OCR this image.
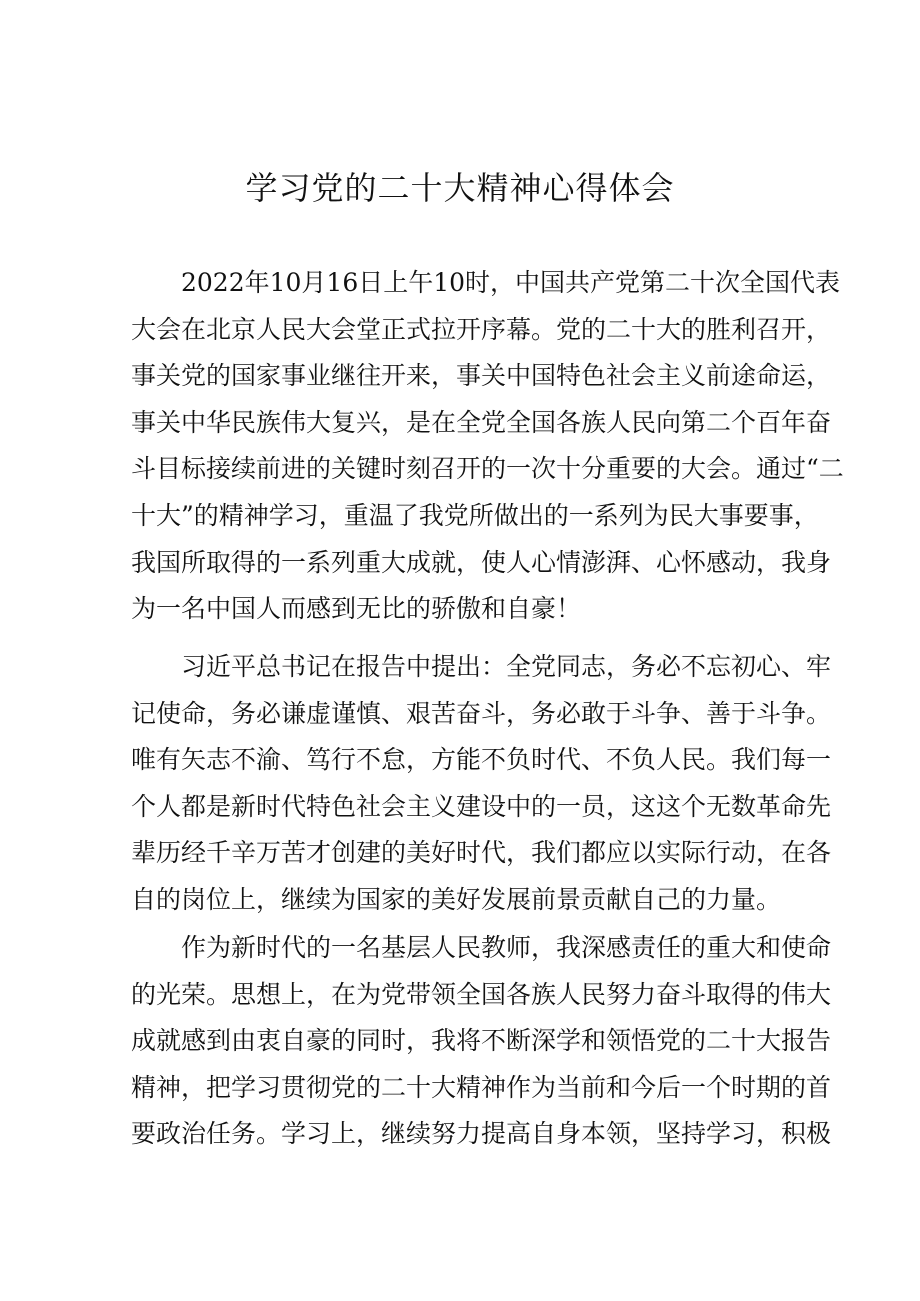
学习党的二十大精神心得体会
2022年10月16日上午10时，中国共产党第二十次全国代表
大会在北京人民大会堂正式拉开序幕。党的二十大的胜利召开，
事关党的国家事业继往开来，事关中国特色社会主义前途命运，
事关中华民族伟大复兴，是在全党全国各族人民向第二个百年奋
斗目标接续前进的关键时刻召开的一次十分重要的大会。通过“二
十大”的精神学习，重温了我党所做出的一系列为民大事要事，
我国所取得的一系列重大成就，使人心情澎湃、心怀感动，我身
为一名中国人而感到无比的骄傲和自豪！
习近平总书记在报告中提出：全党同志，务必不忘初心、牢
记使命，务必谦虚谨慎、艰苦奋斗，务必敢于斗争、善于斗争。
唯有矢志不渝、笃行不怠，方能不负时代、不负人民。我们每一
个人都是新时代特色社会主义建设中的一员，这这个无数革命先
辈历经千辛万苦才创建的美好时代，我们都应以实际行动，在各
自的岗位上，继续为国家的美好发展前景贡献自己的力量。
作为新时代的一名基层人民教师，我深感责任的重大和使命
的光荣。思想上，在为党带领全国各族人民努力奋斗取得的伟大
成就感到由衷自豪的同时，我将不断深学和领悟党的二十大报告
精神，把学习贯彻党的二十大精神作为当前和今后一个时期的首
要政治任务。学习上，继续努力提高自身本领，坚持学习，积极
